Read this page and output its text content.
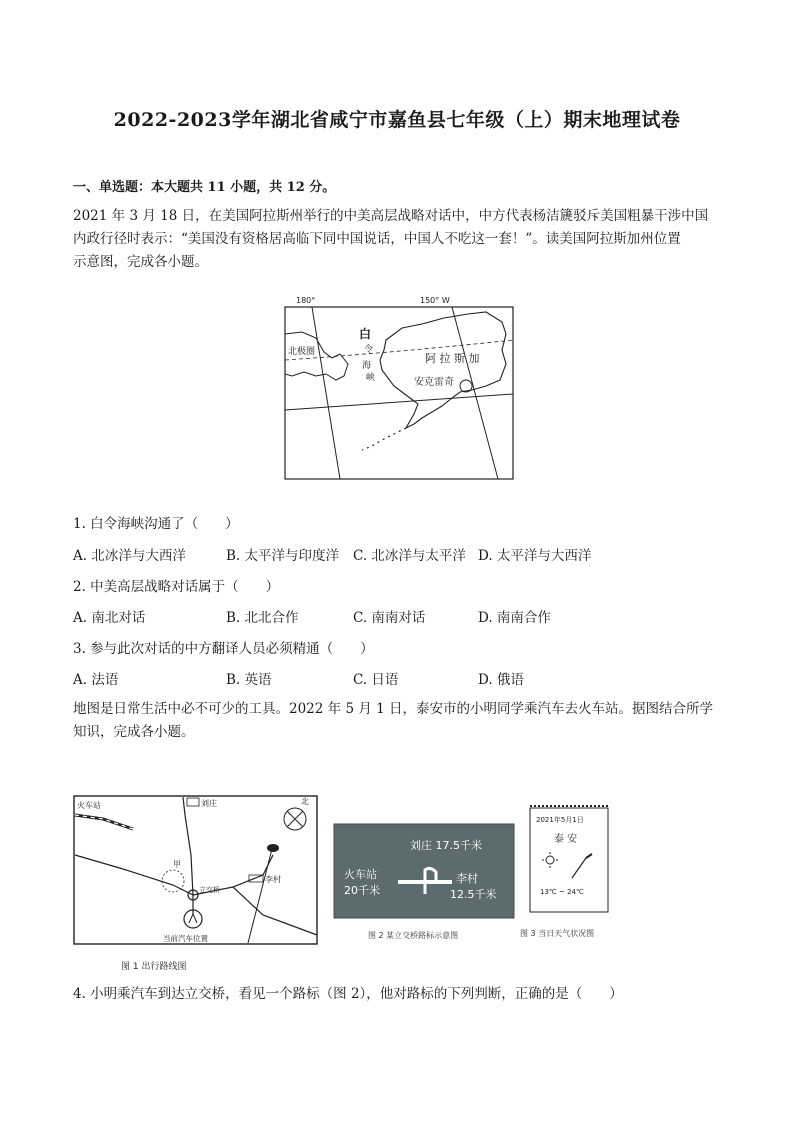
2022-2023学年湖北省咸宁市嘉鱼县七年级（上）期末地理试卷
一、单选题：本大题共 11 小题，共 12 分。
2021 年 3 月 18 日，在美国阿拉斯州举行的中美高层战略对话中，中方代表杨洁篪驳斥美国粗暴干涉中国
内政行径时表示：“美国没有资格居高临下同中国说话，中国人不吃这一套！”。读美国阿拉斯加州位置
示意图，完成各小题。
180°	150° W
北极圈
白
令
海
峡
阿 拉 斯 加
安克雷奇
1. 白令海峡沟通了（　　）
A. 北冰洋与大西洋	B. 太平洋与印度洋 C. 北冰洋与太平洋 D. 太平洋与大西洋
2. 中美高层战略对话属于（　　）
A. 南北对话	B. 北北合作	C. 南南对话	D. 南南合作
3. 参与此次对话的中方翻译人员必须精通（　　）
A. 法语	B. 英语	C. 日语	D. 俄语
地图是日常生活中必不可少的工具。2022 年 5 月 1 日，泰安市的小明同学乘汽车去火车站。据图结合所学
知识，完成各小题。
火车站	刘庄
李村
甲
立交桥
当前汽车位置
北
图 1 出行路线图
刘庄 17.5千米
火车站
20千米
李村
12.5千米
图 2 某立交桥路标示意图
2021年5月1日
泰 安
13℃ ~ 24℃
图 3 当日天气状况图
4. 小明乘汽车到达立交桥，看见一个路标（图 2），他对路标的下列判断，正确的是（　　）
